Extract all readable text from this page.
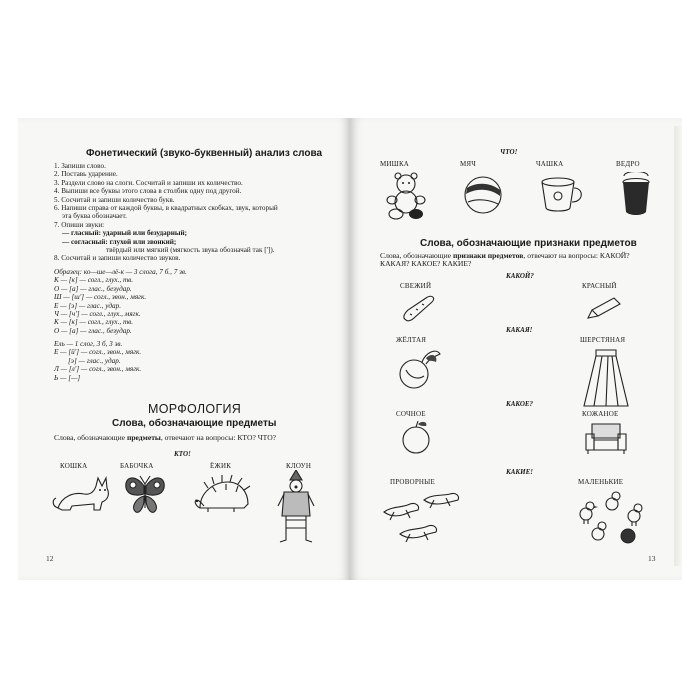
Фонетический (звуко-буквенный) анализ слова
1. Запиши слово.
2. Поставь ударение.
3. Раздели слово на слоги. Сосчитай и запиши их количество.
4. Выпиши все буквы этого слова в столбик одну под другой.
5. Сосчитай и запиши количество букв.
6. Напиши справа от каждой буквы, в квадратных скобках, звук, который
эта буква обозначает.
7. Опиши звуки:
— гласный: ударный или безударный;
— согласный: глухой или звонкий;
твёрдый или мягкий (мягкость звука обозначай так [']).
8. Сосчитай и запиши количество звуков.
Образец: ко—ше—лё-к — 3 слога, 7 б., 7 зв.
К — [к] — согл., глух., тв.
О — [а] — глас., безудар.
Ш — [ш'] — согл., звон., мягк.
Е — [э] — глас., удар.
Ч — [ч'] — согл., глух., мягк.
К — [к] — согл., глух., тв.
О — [а] — глас., безудар.
Ель — 1 слог, 3 б, 3 зв.
Е — [й'] — согл., звон., мягк.
[э] — глас., удар.
Л — [л'] — согл., звон., мягк.
Ь — [—]
МОРФОЛОГИЯ
Слова, обозначающие предметы
Слова, обозначающие предметы, отвечают на вопросы: КТО? ЧТО?
КТО!
КОШКА	БАБОЧКА	ЁЖИК	КЛОУН
12
ЧТО!
МИШКА	МЯЧ	ЧАШКА	ВЕДРО
Слова, обозначающие признаки предметов
Слова, обозначающие признаки предметов, отвечают на вопросы: КАКОЙ?
КАКАЯ? КАКОЕ? КАКИЕ?
КАКОЙ?
СВЕЖИЙ	КРАСНЫЙ
КАКАЯ!
ЖЁЛТАЯ	ШЕРСТЯНАЯ
КАКОЕ?
СОЧНОЕ	КОЖАНОЕ
КАКИЕ!
ПРОВОРНЫЕ	МАЛЕНЬКИЕ
13
